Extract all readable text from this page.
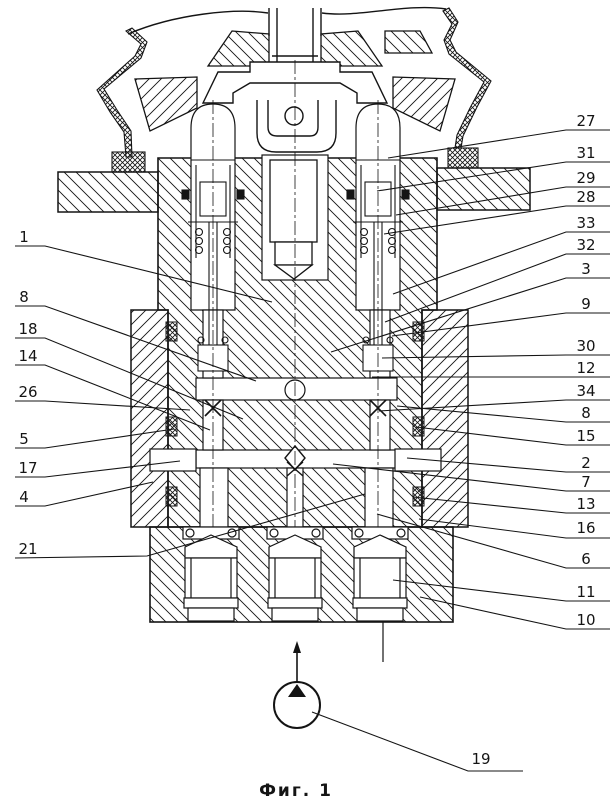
1
8
18
14
26
5
17
4
21
27
31
29
28
33
32
3
9
30
12
34
8
15
2
7
13
16
6
11
10
19
Фиг. 1
